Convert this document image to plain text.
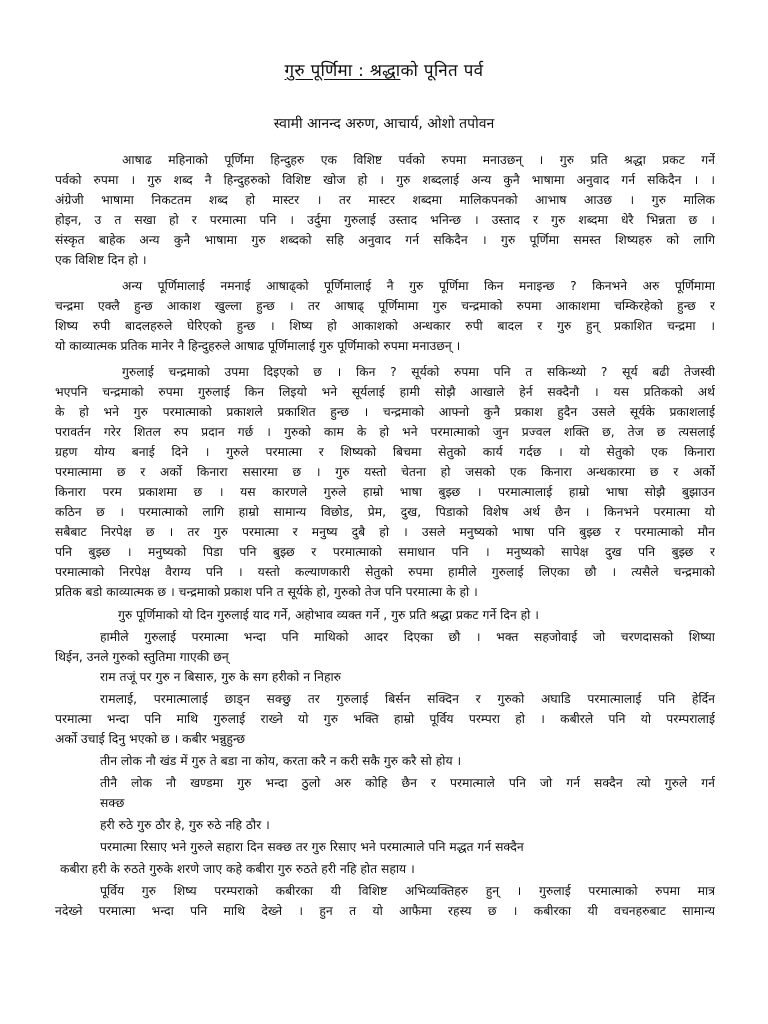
गुरु पूर्णिमा : श्रद्धाको पूनित पर्व
स्वामी आनन्द अरुण, आचार्य, ओशो तपोवन
आषाढ महिनाको पूर्णिमा हिन्दुहरु एक विशिष्ट पर्वको रुपमा मनाउछन् । गुरु प्रति श्रद्धा प्रकट गर्ने
पर्वको रुपमा । गुरु शब्द नै हिन्दुहरुको विशिष्ट खोज हो । गुरु शब्दलाई अन्य कुनै भाषामा अनुवाद गर्न सकिदैन । ।
अंग्रेजी भाषामा निकटतम शब्द हो मास्टर । तर मास्टर शब्दमा मालिकपनको आभाष आउछ । गुरु मालिक
होइन, उ त सखा हो र परमात्मा पनि । उर्दुमा गुरुलाई उस्ताद भनिन्छ । उस्ताद र गुरु शब्दमा धेरै भिन्नता छ ।
संस्कृत बाहेक अन्य कुनै भाषामा गुरु शब्दको सहि अनुवाद गर्न सकिदैन । गुरु पूर्णिमा समस्त शिष्यहरु को लागि
एक विशिष्ट दिन हो ।
अन्य पूर्णिमालाई नमनाई आषाढ्को पूर्णिमालाई नै गुरु पूर्णिमा किन मनाइन्छ ? किनभने अरु पूर्णिमामा
चन्द्रमा एक्लै हुन्छ आकाश खुल्ला हुन्छ । तर आषाढ् पूर्णिमामा गुरु चन्द्रमाको रुपमा आकाशमा चम्किरहेको हुन्छ र
शिष्य रुपी बादलहरुले घेरिएको हुन्छ । शिष्य हो आकाशको अन्धकार रुपी बादल र गुरु हुन् प्रकाशित चन्द्रमा ।
यो काव्यात्मक प्रतिक मानेर नै हिन्दुहरुले आषाढ पूर्णिमालाई गुरु पूर्णिमाको रुपमा मनाउछन् ।
गुरुलाई चन्द्रमाको उपमा दिइएको छ । किन ? सूर्यको रुपमा पनि त सकिन्थ्यो ? सूर्य बढी तेजस्वी
भएपनि चन्द्रमाको रुपमा गुरुलाई किन लिइयो भने सूर्यलाई हामी सोझै आखाले हेर्न सक्दैनौ । यस प्रतिकको अर्थ
के हो भने गुरु परमात्माको प्रकाशले प्रकाशित हुन्छ । चन्द्रमाको आफ्नो कुनै प्रकाश हुदैन उसले सूर्यके प्रकाशलाई
परावर्तन गरेर शितल रुप प्रदान गर्छ । गुरुको काम के हो भने परमात्माको जुन प्रज्वल शक्ति छ, तेज छ त्यसलाई
ग्रहण योग्य बनाई दिने । गुरुले परमात्मा र शिष्यको बिचमा सेतुको कार्य गर्दछ । यो सेतुको एक किनारा
परमात्मामा छ र अर्को किनारा ससारमा छ । गुरु यस्तो चेतना हो जसको एक किनारा अन्धकारमा छ र अर्को
किनारा परम प्रकाशमा छ । यस कारणले गुरुले हाम्रो भाषा बुझ्छ । परमात्मालाई हाम्रो भाषा सोझै बुझाउन
कठिन छ । परमात्माको लागि हाम्रो सामान्य विछोड, प्रेम, दुख, पिडाको विशेष अर्थ छैन । किनभने परमात्मा यो
सबैबाट निरपेक्ष छ । तर गुरु परमात्मा र मनुष्य दुबै हो । उसले मनुष्यको भाषा पनि बुझ्छ र परमात्माको मौन
पनि बुझ्छ । मनुष्यको पिडा पनि बुझ्छ र परमात्माको समाधान पनि । मनुष्यको सापेक्ष दुख पनि बुझ्छ र
परमात्माको निरपेक्ष वैराग्य पनि । यस्तो कल्याणकारी सेतुको रुपमा हामीले गुरुलाई लिएका छौ । त्यसैले चन्द्रमाको
प्रतिक बडो काव्यात्मक छ । चन्द्रमाको प्रकाश पनि त सूर्यके हो, गुरुको तेज पनि परमात्मा के हो ।
गुरु पूर्णिमाको यो दिन गुरुलाई याद गर्ने, अहोभाव व्यक्त गर्ने , गुरु प्रति श्रद्धा प्रकट गर्ने दिन हो ।
हामीले गुरुलाई परमात्मा भन्दा पनि माथिको आदर दिएका छौ । भक्त सहजोवाई जो चरणदासको शिष्या
थिईन, उनले गुरुको स्तुतिमा गाएकी छन्
राम तजूं पर गुरु न बिसारु, गुरु के सग हरीको न निहारु
रामलाई, परमात्मालाई छाड्न सक्छु तर गुरुलाई बिर्सन सक्दिन र गुरुको अघाडि परमात्मालाई पनि हेर्दिन
परमात्मा भन्दा पनि माथि गुरुलाई राख्ने यो गुरु भक्ति हाम्रो पूर्विय परम्परा हो । कबीरले पनि यो परम्परालाई
अर्को उचाई दिनु भएको छ । कबीर भन्नुहुन्छ
तीन लोक नौ खंड में गुरु ते बडा ना कोय, करता करै न करी सकै गुरु करै सो होय ।
तीनै लोक नौ खण्डमा गुरु भन्दा ठुलो अरु कोहि छैन र परमात्माले पनि जो गर्न सक्दैन त्यो गुरुले गर्न
सक्छ
हरी रुठे गुरु ठौर हे, गुरु रुठे नहि ठौर ।
परमात्मा रिसाए भने गुरुले सहारा दिन सक्छ तर गुरु रिसाए भने परमात्माले पनि मद्धत गर्न सक्दैन
कबीरा हरी के रुठते गुरुके शरणे जाए कहे कबीरा गुरु रुठते हरी नहि होत सहाय ।
पूर्विय गुरु शिष्य परम्पराको कबीरका यी विशिष्ट अभिव्यक्तिहरु हुन् । गुरुलाई परमात्माको रुपमा मात्र
नदेख्ने परमात्मा भन्दा पनि माथि देख्ने । हुन त यो आफैमा रहस्य छ । कबीरका यी वचनहरुबाट सामान्य
